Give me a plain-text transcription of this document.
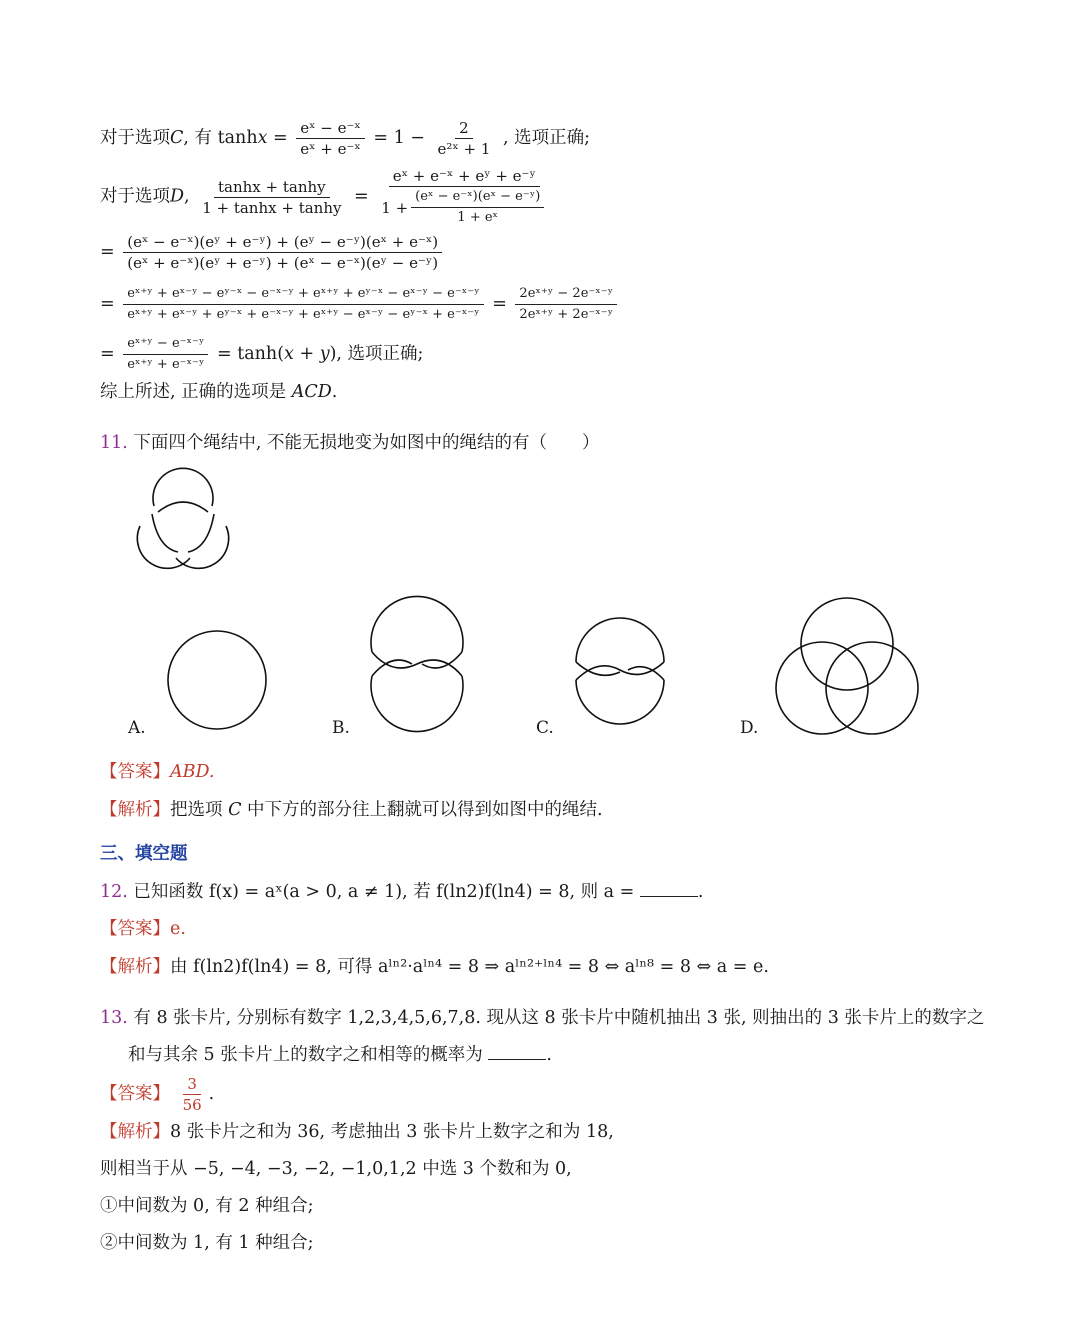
对于选项C, 有 $\tanh x = \frac{\text{eˣ − e⁻ˣ}}{\text{eˣ + e⁻ˣ}} = 1 - \frac{2}{\text{e²ˣ + 1}}$ , 选项正确;
对于选项D, $\frac{\tanh x + \tanh y}{1 + \tanh x + \tanh y} = \frac{\text{eˣ + e⁻ˣ + eʸ + e⁻ʸ}}{1 + \frac{\text{(eˣ − e⁻ˣ)(eˣ − e⁻ʸ)}}{\text{1 + eˣ}}}$
= $\frac{\text{(eˣ − e⁻ˣ)(eʸ + e⁻ʸ) + (eʸ − e⁻ʸ)(eˣ + e⁻ˣ)}}{\text{(eˣ + e⁻ˣ)(eʸ + e⁻ʸ) + (eˣ − e⁻ˣ)(eʸ − e⁻ʸ)}}$
= $\frac{\text{eˣ⁺ʸ + eˣ⁻ʸ − eʸ⁻ˣ − e⁻ˣ⁻ʸ + eˣ⁺ʸ + eʸ⁻ˣ − eˣ⁻ʸ − e⁻ˣ⁻ʸ}}{\text{eˣ⁺ʸ + eˣ⁻ʸ + eʸ⁻ˣ + e⁻ˣ⁻ʸ + eˣ⁺ʸ − eˣ⁻ʸ − eʸ⁻ˣ + e⁻ˣ⁻ʸ}} = \frac{\text{2eˣ⁺ʸ − 2e⁻ˣ⁻ʸ}}{\text{2eˣ⁺ʸ + 2e⁻ˣ⁻ʸ}}$
= $\frac{\text{eˣ⁺ʸ − e⁻ˣ⁻ʸ}}{\text{eˣ⁺ʸ + e⁻ˣ⁻ʸ}} = \tanh(x + y)$, 选项正确;
综上所述, 正确的选项是 ACD.
11. 下面四个绳结中, 不能无损地变为如图中的绳结的有（　　）
A.	B.	C.	D.
【答案】ABD.
【解析】把选项 C 中下方的部分往上翻就可以得到如图中的绳结.
三、填空题
12. 已知函数 f(x) = aˣ(a > 0, a ≠ 1), 若 f(ln2)f(ln4) = 8, 则 a =	.
【答案】e.
【解析】由 f(ln2)f(ln4) = 8, 可得 aˡⁿ²·aˡⁿ⁴ = 8 ⇒ aˡⁿ²⁺ˡⁿ⁴ = 8 ⇔ aˡⁿ⁸ = 8 ⇔ a = e.
13. 有 8 张卡片, 分别标有数字 1,2,3,4,5,6,7,8. 现从这 8 张卡片中随机抽出 3 张, 则抽出的 3 张卡片上的数字之
和与其余 5 张卡片上的数字之和相等的概率为	.
【答案】 $\frac{3}{56}$ .
【解析】8 张卡片之和为 36, 考虑抽出 3 张卡片上数字之和为 18,
则相当于从 −5, −4, −3, −2, −1,0,1,2 中选 3 个数和为 0,
①中间数为 0, 有 2 种组合;
②中间数为 1, 有 1 种组合;
